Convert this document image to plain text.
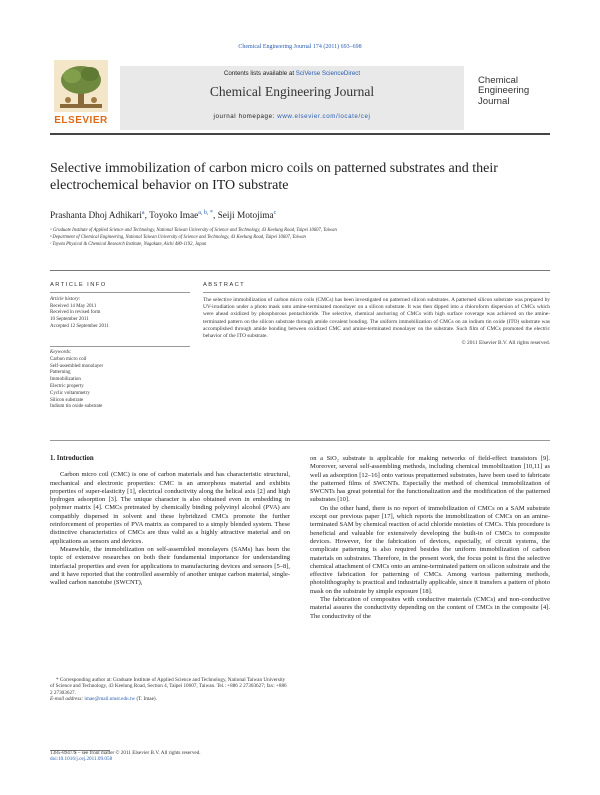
Chemical Engineering Journal 174 (2011) 693–698
ELSEVIER
Contents lists available at SciVerse ScienceDirect
Chemical Engineering Journal
journal homepage: www.elsevier.com/locate/cej
Chemical
Engineering
Journal
Selective immobilization of carbon micro coils on patterned substrates and their
electrochemical behavior on ITO substrate
Prashanta Dhoj Adhikari$^a$, Toyoko Imae$^{a, b, *}$, Seiji Motojima$^c$
ᵃ Graduate Institute of Applied Science and Technology, National Taiwan University of Science and Technology, 43 Keelung Road, Taipei 10607, Taiwan
ᵇ Department of Chemical Engineering, National Taiwan University of Science and Technology, 43 Keelung Road, Taipei 10607, Taiwan
ᶜ Toyota Physical & Chemical Research Institute, Nagakute, Aichi 480-1192, Japan
ARTICLE INFO	ABSTRACT
Article history:
Received 14 May 2011
Received in revised form
10 September 2011
Accepted 12 September 2011
Keywords:
Carbon micro coil
Self-assembled monolayer
Patterning
Immobilization
Electric property
Cyclic voltammetry
Silicon substrate
Indium tin oxide substrate
The selective immobilization of carbon micro coils (CMCs) has been investigated on patterned silicon substrates. A patterned silicon substrate was prepared by UV-irradiation under a photo mask onto amine-terminated monolayer on a silicon substrate. It was then dipped into a chloroform dispersion of CMCs which were ahead oxidized by phosphorous pentachloride. The selective, chemical anchoring of CMCs with high surface coverage was achieved on the amine-terminated pattern on the silicon substrate through amide covalent bonding. The uniform immobilization of CMCs on an indium tin oxide (ITO) substrate was accomplished through amide bonding between oxidized CMC and amine-terminated monolayer on the substrate. Such film of CMCs promoted the electric behavior of the ITO substrate.
© 2011 Elsevier B.V. All rights reserved.
1. Introduction

Carbon micro coil (CMC) is one of carbon materials and has characteristic structural, mechanical and electronic properties: CMC is an amorphous material and exhibits properties of super-elasticity [1], electrical conductivity along the helical axis [2] and high hydrogen adsorption [3]. The unique character is also obtained even in embedding in polymer matrix [4]. CMCs pretreated by chemically binding polyvinyl alcohol (PVA) are compatibly dispersed in solvent and these hybridized CMCs promote the further reinforcement of properties of PVA matrix as compared to a simply blended system. These distinctive characteristics of CMCs are thus valid as a highly attractive material and on applications as sensors and devices.

Meanwhile, the immobilization on self-assembled monolayers (SAMs) has been the topic of extensive researches on both their fundamental importance for understanding interfacial properties and even for applications to manufacturing devices and sensors [5–8], and it have reported that the controlled assembly of another unique carbon material, single-walled carbon nanotube (SWCNT),

on a SiO₂ substrate is applicable for making networks of field-effect transistors [9]. Moreover, several self-assembling methods, including chemical immobilization [10,11] as well as adsorption [12–16] onto various prepatterned substrates, have been used to fabricate the patterned films of SWCNTs. Especially the method of chemical immobilization of SWCNTs has great potential for the functionalization and the modification of the patterned substrates [10].

On the other hand, there is no report of immobilization of CMCs on a SAM substrate except our previous paper [17], which reports the immobilization of CMCs on an amine-terminated SAM by chemical reaction of acid chloride moieties of CMCs. This procedure is beneficial and valuable for extensively developing the built-in of CMCs to composite devices. However, for the fabrication of devices, especially, of circuit systems, the complicate patterning is also required besides the uniform immobilization of carbon materials on substrates. Therefore, in the present work, the focus point is first the selective chemical attachment of CMCs onto an amine-terminated pattern on silicon substrate and the effective fabrication for patterning of CMCs. Among various patterning methods, photolithography is practical and industrially applicable, since it transfers a pattern of photo mask on the substrate by simple exposure [18].

The fabrication of composites with conductive materials (CMCs) and non-conductive material assures the conductivity depending on the content of CMCs in the composite [4]. The conductivity of the

* Corresponding author at: Graduate Institute of Applied Science and Technology, National Taiwan University of Science and Technology, 43 Keelung Road, Section 4, Taipei 10607, Taiwan. Tel.: +886 2 27303627; fax: +886 2 27303627.
E-mail address: imae@mail.ntust.edu.tw (T. Imae).
1385-8947/$ – see front matter © 2011 Elsevier B.V. All rights reserved.
doi:10.1016/j.cej.2011.09.058
